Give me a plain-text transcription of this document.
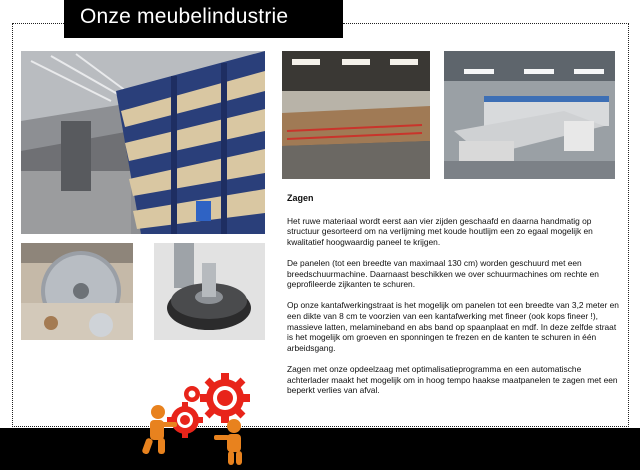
Onze meubelindustrie
Zagen

Het ruwe materiaal wordt eerst aan vier zijden geschaafd en daarna handmatig op structuur gesorteerd om na verlijming met koude houtlijm een zo egaal mogelijk en kwalitatief hoogwaardig paneel te krijgen.

De panelen (tot een breedte van maximaal 130 cm) worden geschuurd met een breedschuurmachine. Daarnaast beschikken we over schuurmachines om rechte en geprofileerde zijkanten te schuren.

Op onze kantafwerkingstraat is het mogelijk om panelen tot een breedte van 3,2 meter en een dikte van 8 cm te voorzien van een kantafwerking met fineer (ook kops fineer !), massieve latten, melamineband en abs band op spaanplaat en mdf. In deze zelfde straat is het mogelijk om groeven en sponningen te frezen en de kanten te schuren in één arbeidsgang.

Zagen met onze opdeelzaag met optimalisatieprogramma en een automatische achterlader maakt het mogelijk om in hoog tempo haakse maatpanelen te zagen met een beperkt verlies van afval.
